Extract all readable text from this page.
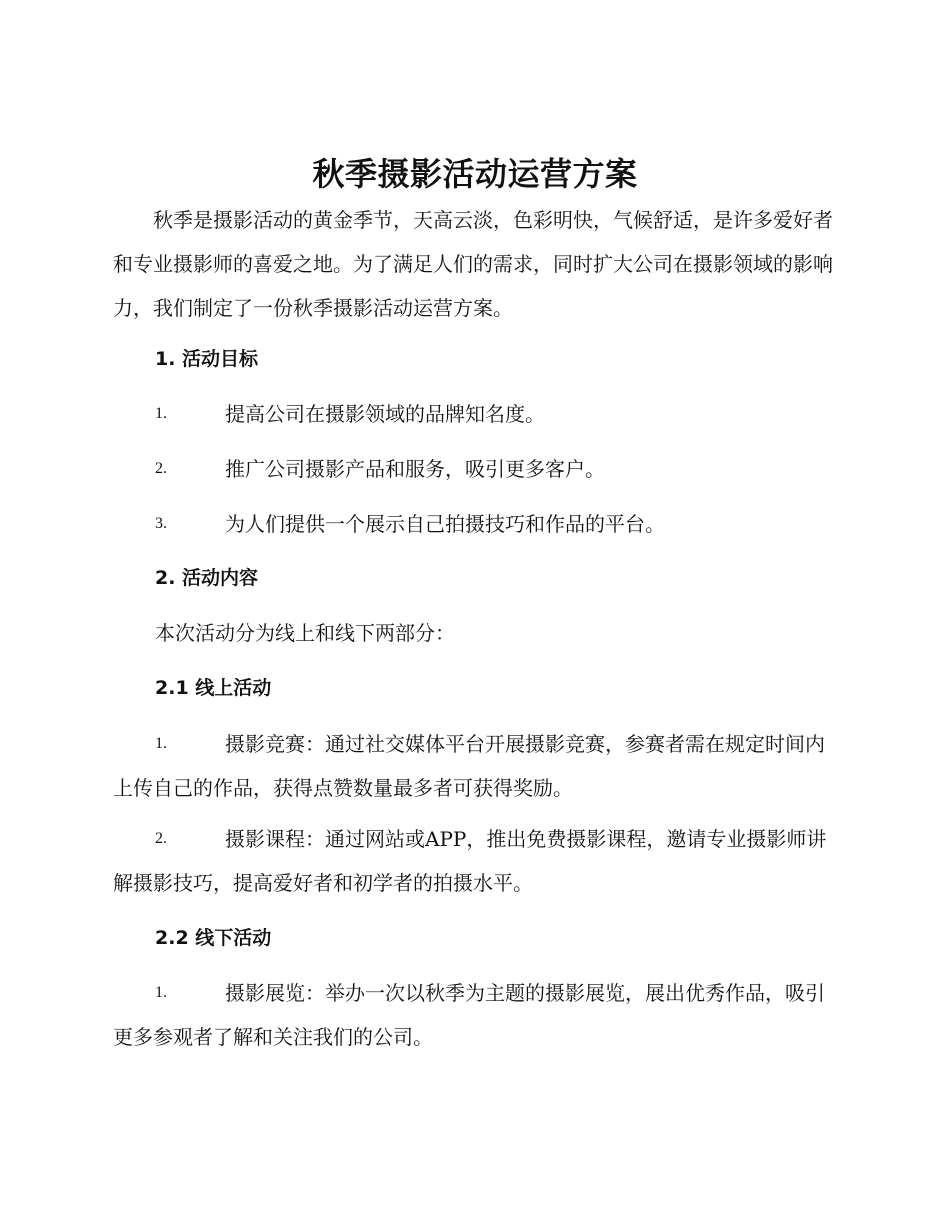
秋季摄影活动运营方案

秋季是摄影活动的黄金季节，天高云淡，色彩明快，气候舒适，是许多爱好者和专业摄影师的喜爱之地。为了满足人们的需求，同时扩大公司在摄影领域的影响力，我们制定了一份秋季摄影活动运营方案。

1. 活动目标
1.	提高公司在摄影领域的品牌知名度。
2.	推广公司摄影产品和服务，吸引更多客户。
3.	为人们提供一个展示自己拍摄技巧和作品的平台。
2. 活动内容
本次活动分为线上和线下两部分：
2.1 线上活动
1.	摄影竞赛：通过社交媒体平台开展摄影竞赛，参赛者需在规定时间内上传自己的作品，获得点赞数量最多者可获得奖励。
2.	摄影课程：通过网站或APP，推出免费摄影课程，邀请专业摄影师讲解摄影技巧，提高爱好者和初学者的拍摄水平。
2.2 线下活动
1.	摄影展览：举办一次以秋季为主题的摄影展览，展出优秀作品，吸引更多参观者了解和关注我们的公司。
